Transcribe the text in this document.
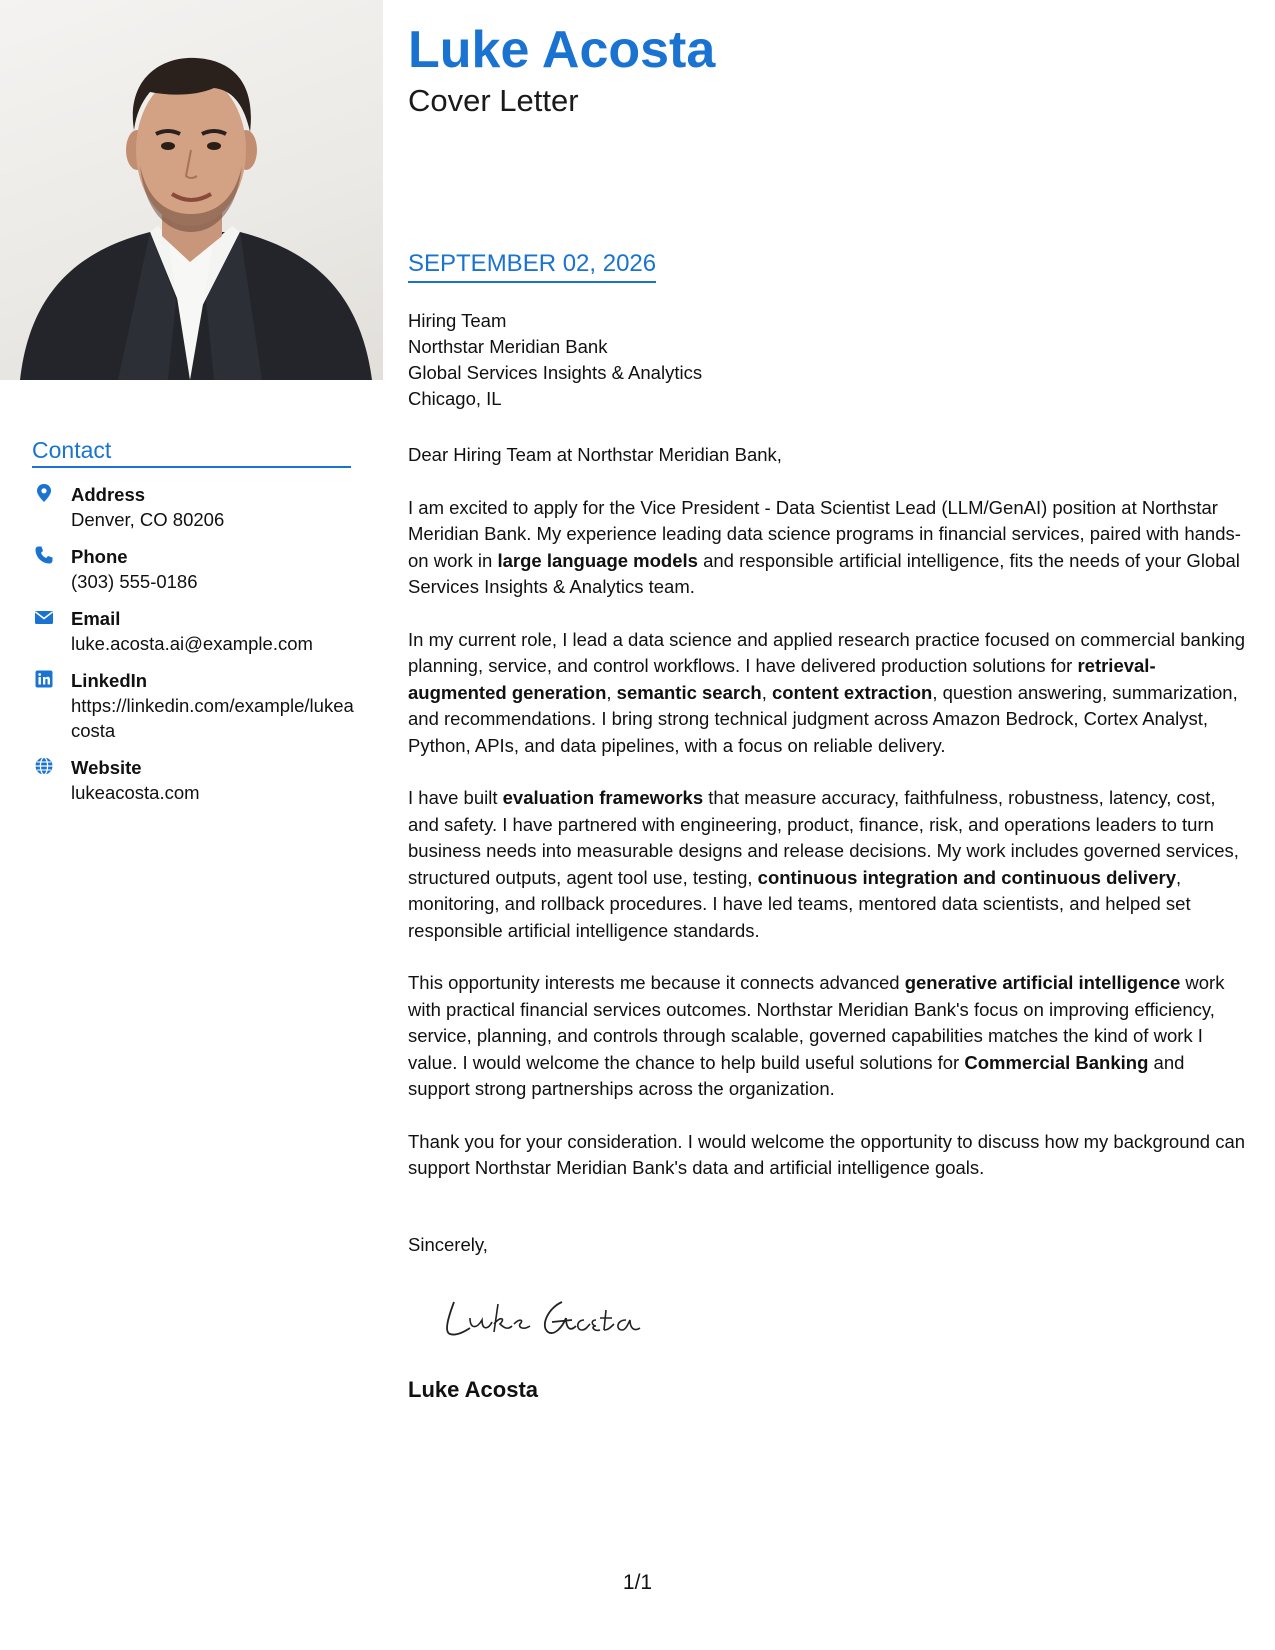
Luke Acosta
Cover Letter
SEPTEMBER 02, 2026
Contact
Address
Denver, CO 80206
Phone
(303) 555-0186
Email
luke.acosta.ai@example.com
LinkedIn
https://linkedin.com/example/lukeacosta
Website
lukeacosta.com
Hiring Team
Northstar Meridian Bank
Global Services Insights & Analytics
Chicago, IL

Dear Hiring Team at Northstar Meridian Bank,

I am excited to apply for the Vice President - Data Scientist Lead (LLM/GenAI) position at Northstar Meridian Bank. My experience leading data science programs in financial services, paired with hands-on work in large language models and responsible artificial intelligence, fits the needs of your Global Services Insights & Analytics team.

In my current role, I lead a data science and applied research practice focused on commercial banking planning, service, and control workflows. I have delivered production solutions for retrieval-augmented generation, semantic search, content extraction, question answering, summarization, and recommendations. I bring strong technical judgment across Amazon Bedrock, Cortex Analyst, Python, APIs, and data pipelines, with a focus on reliable delivery.

I have built evaluation frameworks that measure accuracy, faithfulness, robustness, latency, cost, and safety. I have partnered with engineering, product, finance, risk, and operations leaders to turn business needs into measurable designs and release decisions. My work includes governed services, structured outputs, agent tool use, testing, continuous integration and continuous delivery, monitoring, and rollback procedures. I have led teams, mentored data scientists, and helped set responsible artificial intelligence standards.

This opportunity interests me because it connects advanced generative artificial intelligence work with practical financial services outcomes. Northstar Meridian Bank's focus on improving efficiency, service, planning, and controls through scalable, governed capabilities matches the kind of work I value. I would welcome the chance to help build useful solutions for Commercial Banking and support strong partnerships across the organization.

Thank you for your consideration. I would welcome the opportunity to discuss how my background can support Northstar Meridian Bank's data and artificial intelligence goals.

Sincerely,
Luke Acosta
1/1
